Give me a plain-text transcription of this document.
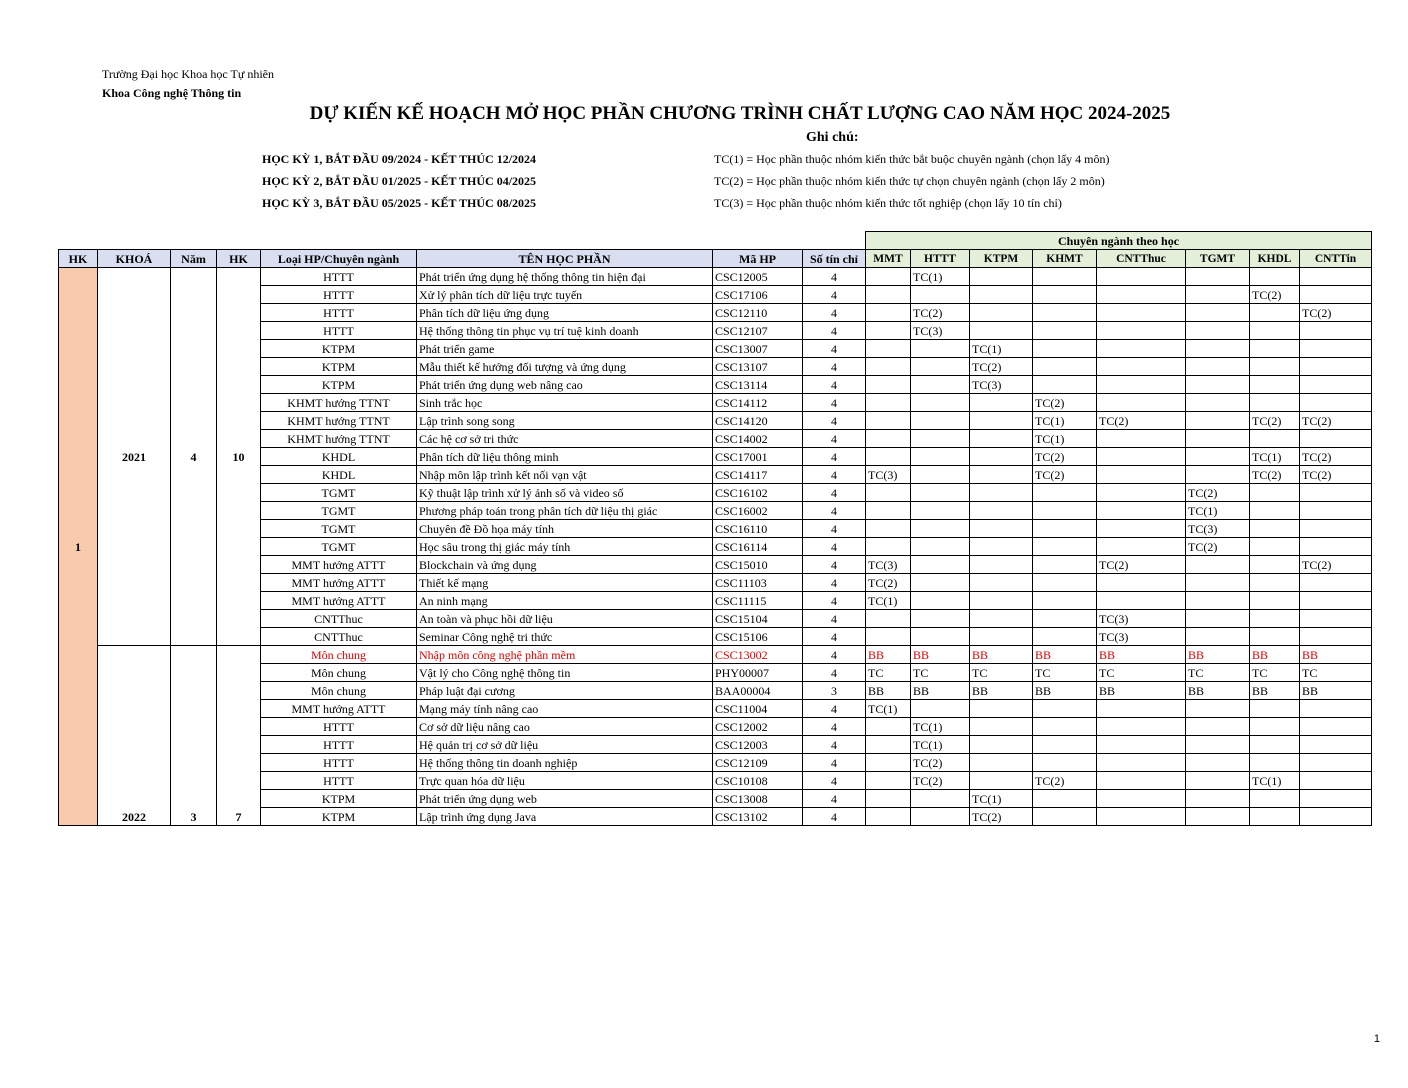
Trường Đại học Khoa học Tự nhiên
Khoa Công nghệ Thông tin
DỰ KIẾN KẾ HOẠCH MỞ HỌC PHẦN CHƯƠNG TRÌNH CHẤT LƯỢNG CAO NĂM HỌC 2024-2025
Ghi chú:
HỌC KỲ 1, BẮT ĐẦU 09/2024 - KẾT THÚC 12/2024
HỌC KỲ 2, BẮT ĐẦU 01/2025 - KẾT THÚC 04/2025
HỌC KỲ 3, BẮT ĐẦU 05/2025 - KẾT THÚC 08/2025
TC(1) = Học phần thuộc nhóm kiến thức bắt buộc chuyên ngành (chọn lấy 4 môn)
TC(2) = Học phần thuộc nhóm kiến thức tự chọn chuyên ngành (chọn lấy 2 môn)
TC(3) = Học phần thuộc nhóm kiến thức tốt nghiệp (chọn lấy 10 tín chỉ)
								Chuyên ngành theo học							
HK	KHOÁ	Năm	HK	Loại HP/Chuyên ngành	TÊN HỌC PHẦN	Mã HP	Số tín chỉ	MMT	HTTT	KTPM	KHMT	CNTThuc	TGMT	KHDL	CNTTin
1	2021	4	10	HTTT	Phát triển ứng dụng hệ thống thông tin hiện đại	CSC12005	4		TC(1)						
				HTTT	Xử lý phân tích dữ liệu trực tuyến	CSC17106	4							TC(2)	
				HTTT	Phân tích dữ liệu ứng dụng	CSC12110	4		TC(2)						TC(2)
				HTTT	Hệ thống thông tin phục vụ trí tuệ kinh doanh	CSC12107	4		TC(3)						
				KTPM	Phát triển game	CSC13007	4			TC(1)					
				KTPM	Mẫu thiết kế hướng đối tượng và ứng dụng	CSC13107	4			TC(2)					
				KTPM	Phát triển ứng dụng web nâng cao	CSC13114	4			TC(3)					
				KHMT hướng TTNT	Sinh trắc học	CSC14112	4				TC(2)				
				KHMT hướng TTNT	Lập trình song song	CSC14120	4				TC(1)	TC(2)		TC(2)	TC(2)
				KHMT hướng TTNT	Các hệ cơ sở tri thức	CSC14002	4				TC(1)				
				KHDL	Phân tích dữ liệu thông minh	CSC17001	4				TC(2)			TC(1)	TC(2)
				KHDL	Nhập môn lập trình kết nối vạn vật	CSC14117	4	TC(3)			TC(2)			TC(2)	TC(2)
				TGMT	Kỹ thuật lập trình xử lý ảnh số và video số	CSC16102	4						TC(2)		
				TGMT	Phương pháp toán trong phân tích dữ liệu thị giác	CSC16002	4						TC(1)		
				TGMT	Chuyên đề Đồ họa máy tính	CSC16110	4						TC(3)		
				TGMT	Học sâu trong thị giác máy tính	CSC16114	4						TC(2)		
				MMT hướng ATTT	Blockchain và ứng dụng	CSC15010	4	TC(3)				TC(2)			TC(2)
				MMT hướng ATTT	Thiết kế mạng	CSC11103	4	TC(2)							
				MMT hướng ATTT	An ninh mạng	CSC11115	4	TC(1)							
				CNTThuc	An toàn và phục hồi dữ liệu	CSC15104	4					TC(3)			
				CNTThuc	Seminar Công nghệ tri thức	CSC15106	4					TC(3)			
	2022	3	7	Môn chung	Nhập môn công nghệ phần mềm	CSC13002	4	BB	BB	BB	BB	BB	BB	BB	BB
				Môn chung	Vật lý cho Công nghệ thông tin	PHY00007	4	TC	TC	TC	TC	TC	TC	TC	TC
				Môn chung	Pháp luật đại cương	BAA00004	3	BB	BB	BB	BB	BB	BB	BB	BB
				MMT hướng ATTT	Mạng máy tính nâng cao	CSC11004	4	TC(1)							
				HTTT	Cơ sở dữ liệu nâng cao	CSC12002	4		TC(1)						
				HTTT	Hệ quản trị cơ sở dữ liệu	CSC12003	4		TC(1)						
				HTTT	Hệ thống thông tin doanh nghiệp	CSC12109	4		TC(2)						
				HTTT	Trực quan hóa dữ liệu	CSC10108	4		TC(2)		TC(2)			TC(1)	
				KTPM	Phát triển ứng dụng web	CSC13008	4			TC(1)					
				KTPM	Lập trình ứng dụng Java	CSC13102	4			TC(2)					
1
